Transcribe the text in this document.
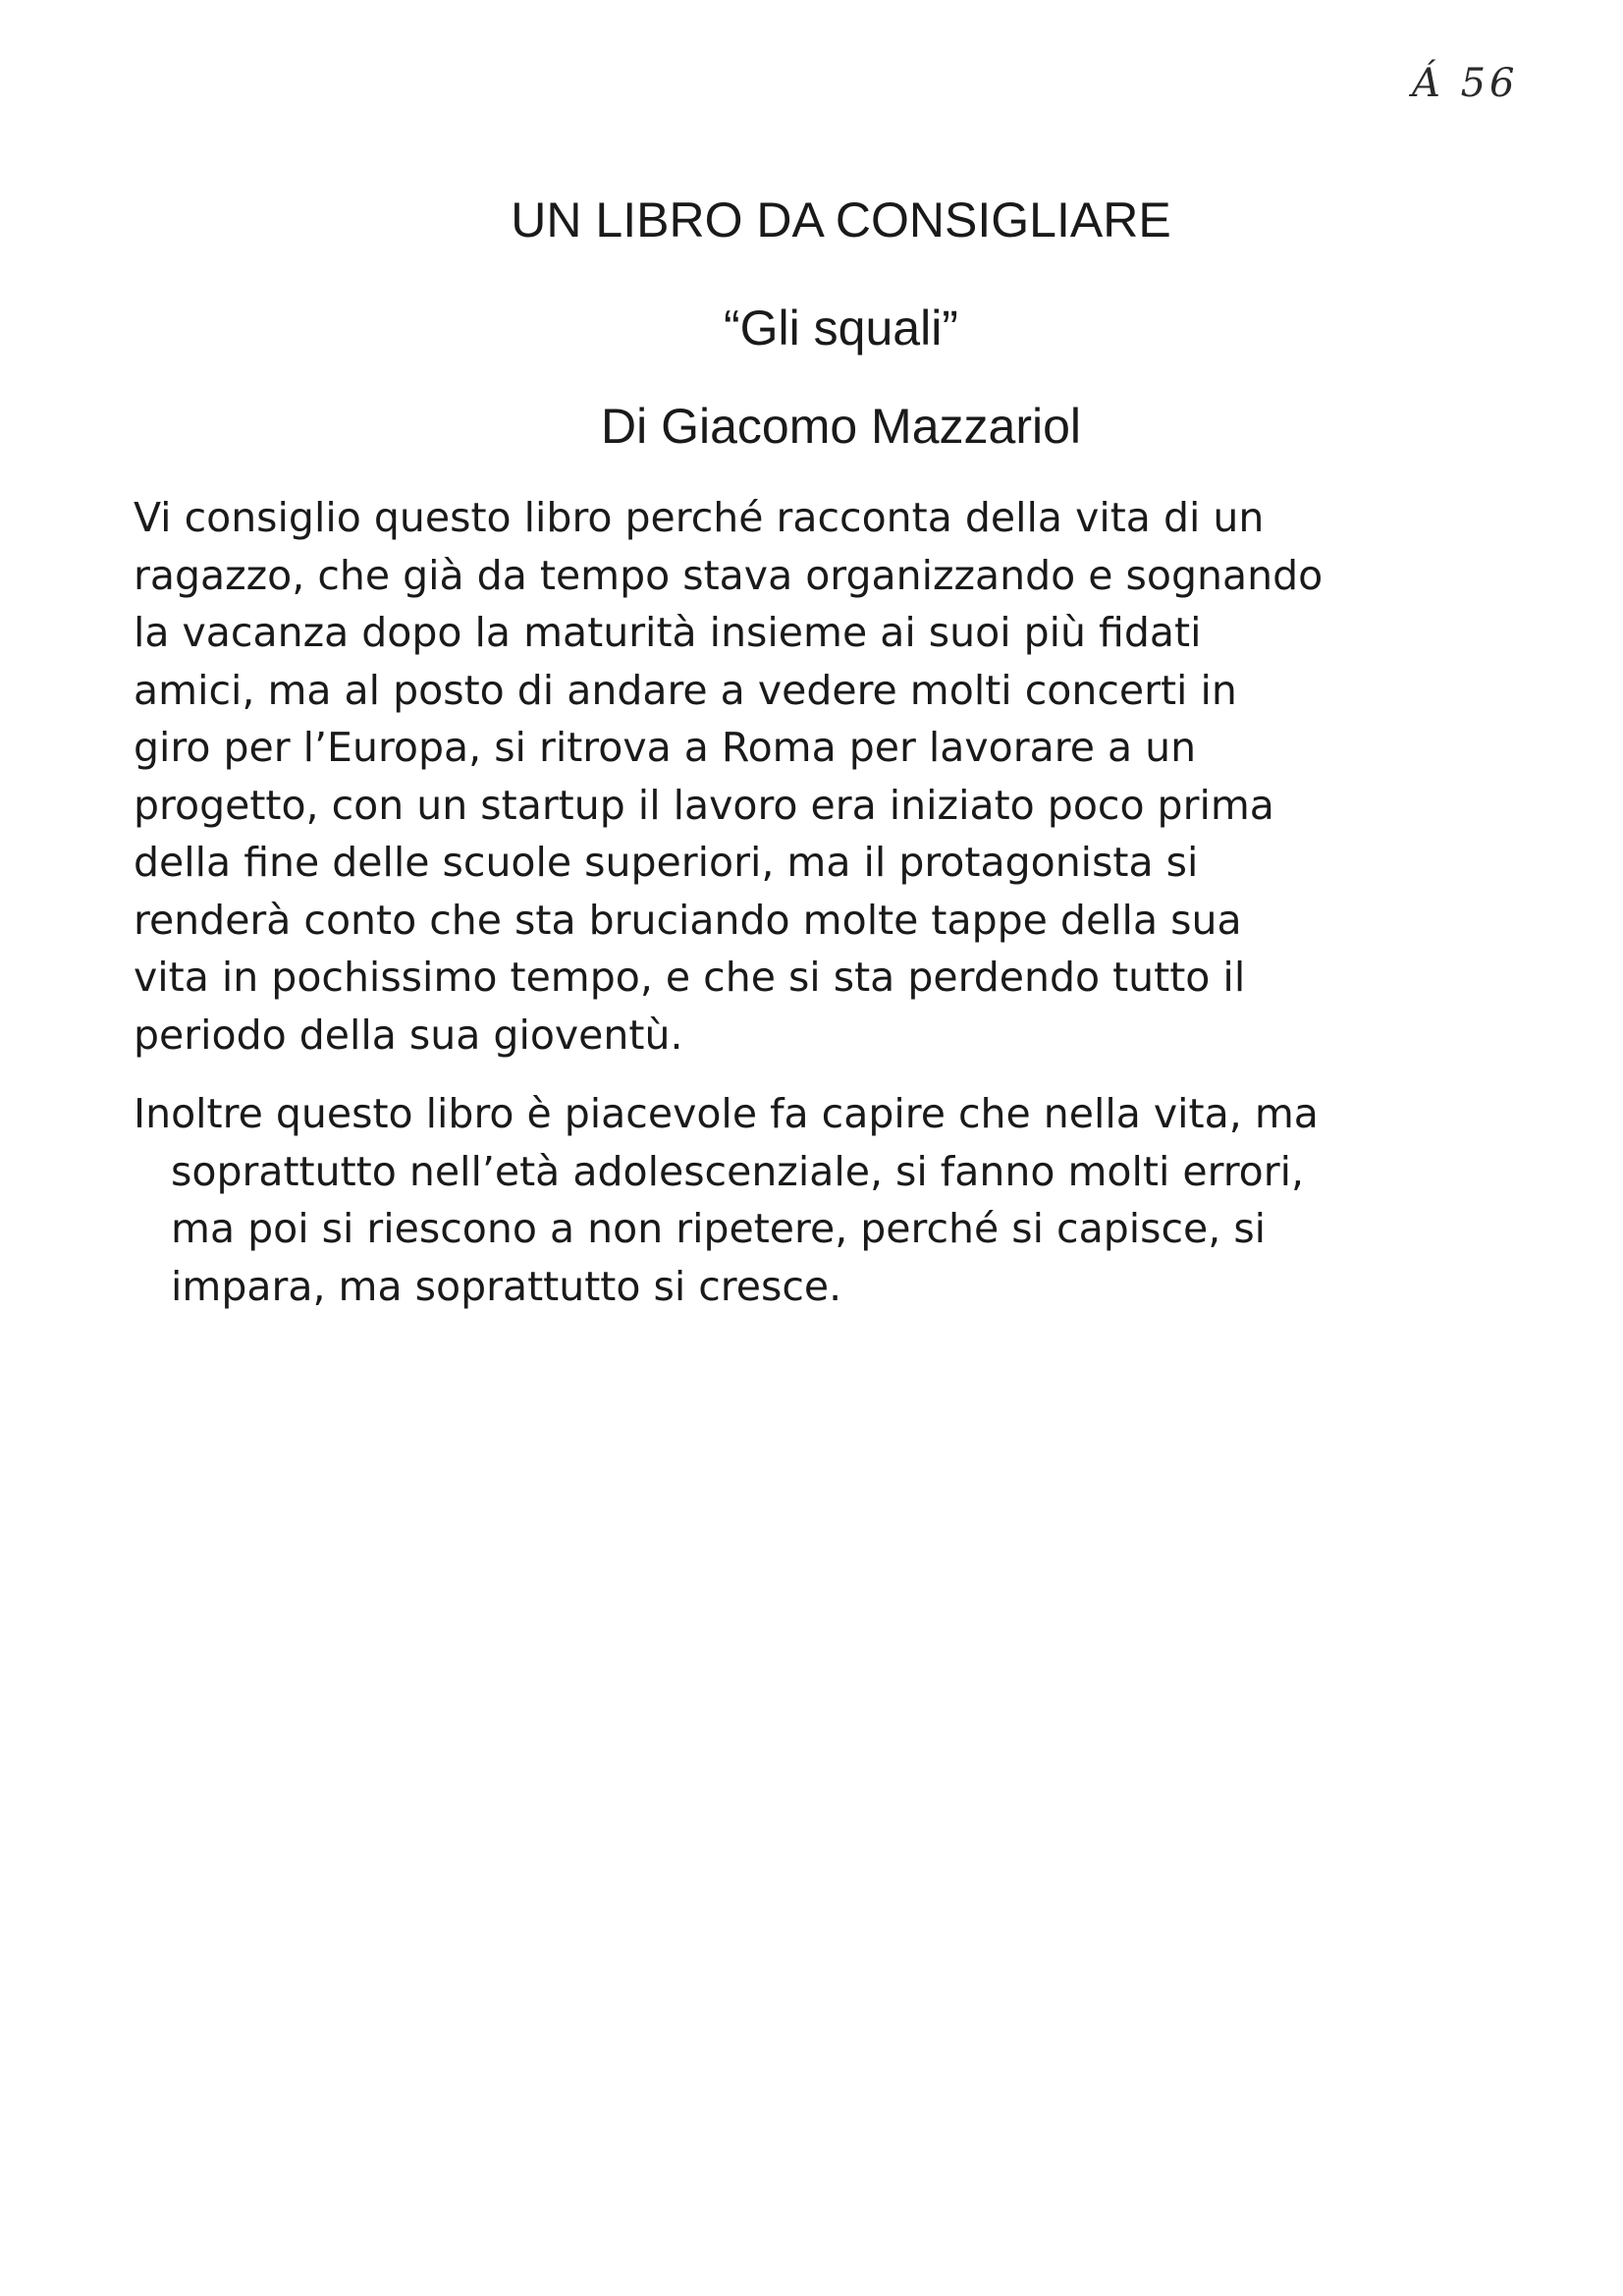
Á 56
UN LIBRO DA CONSIGLIARE
“Gli squali”
Di Giacomo Mazzariol

Vi consiglio questo libro perché racconta della vita di un
ragazzo, che già da tempo stava organizzando e sognando
la vacanza dopo la maturità insieme ai suoi più fidati
amici, ma al posto di andare a vedere molti concerti in
giro per l’Europa, si ritrova a Roma per lavorare a un
progetto, con un startup il lavoro era iniziato poco prima
della fine delle scuole superiori, ma il protagonista si
renderà conto che sta bruciando molte tappe della sua
vita in pochissimo tempo, e che si sta perdendo tutto il
periodo della sua gioventù.

Inoltre questo libro è piacevole fa capire che nella vita, ma
soprattutto nell’età adolescenziale, si fanno molti errori,
ma poi si riescono a non ripetere, perché si capisce, si
impara, ma soprattutto si cresce.
